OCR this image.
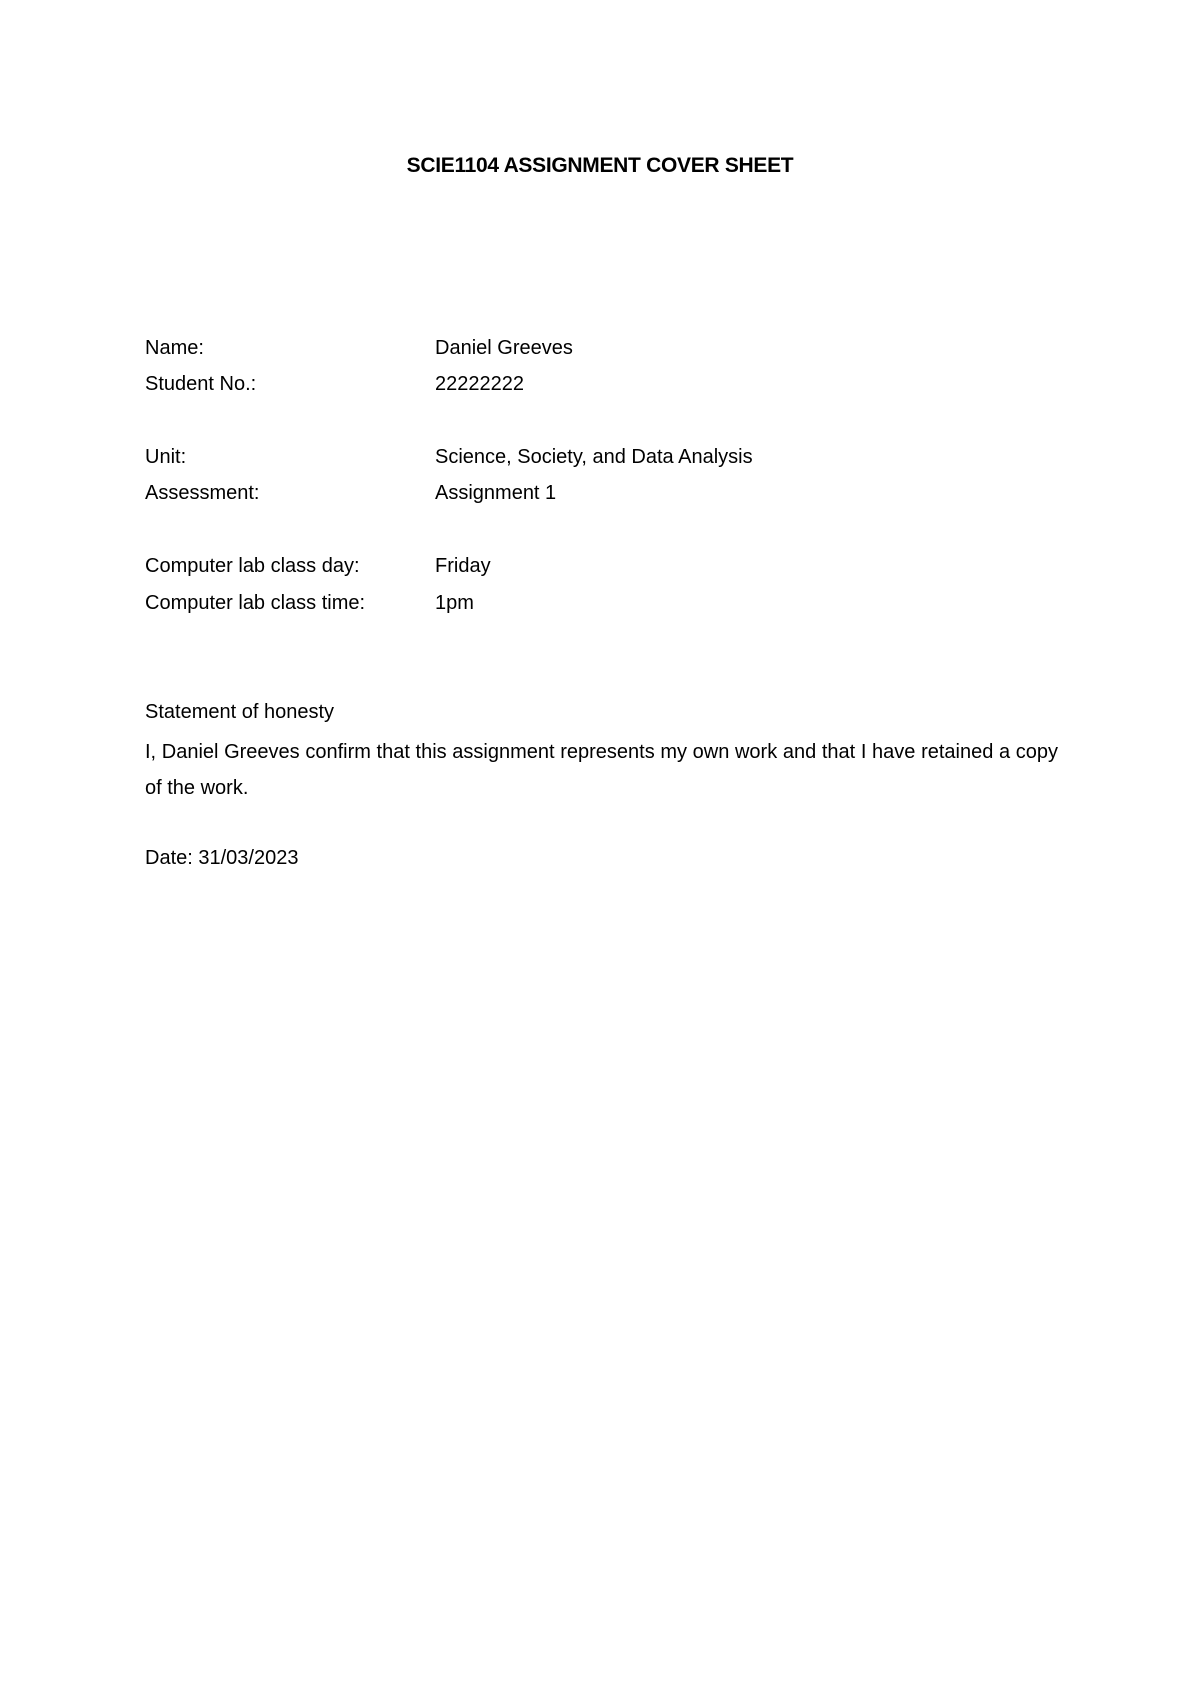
SCIE1104 ASSIGNMENT COVER SHEET
Name:	Daniel Greeves
Student No.:	22222222
Unit:	Science, Society, and Data Analysis
Assessment:	Assignment 1
Computer lab class day:	Friday
Computer lab class time:	1pm
Statement of honesty
I, Daniel Greeves confirm that this assignment represents my own work and that I have retained a copy of the work.
Date: 31/03/2023
